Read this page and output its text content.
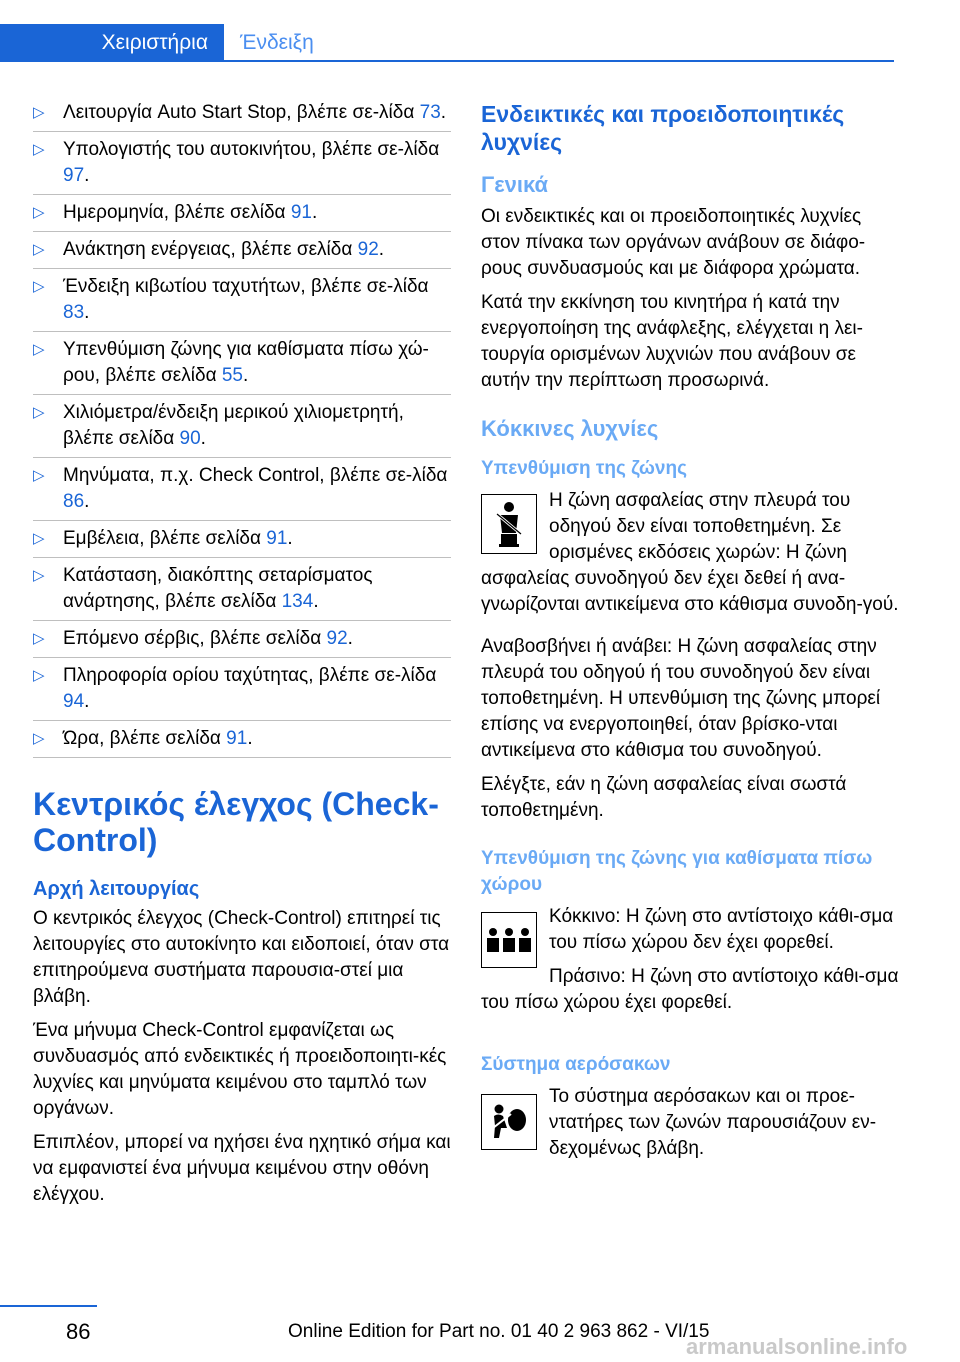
Χειριστήρια	Ένδειξη
▷ Λειτουργία Auto Start Stop, βλέπε σε‐λίδα 73.
▷ Υπολογιστής του αυτοκινήτου, βλέπε σε‐λίδα 97.
▷ Ημερομηνία, βλέπε σελίδα 91.
▷ Ανάκτηση ενέργειας, βλέπε σελίδα 92.
▷ Ένδειξη κιβωτίου ταχυτήτων, βλέπε σε‐λίδα 83.
▷ Υπενθύμιση ζώνης για καθίσματα πίσω χώ‐ρου, βλέπε σελίδα 55.
▷ Χιλιόμετρα/ένδειξη μερικού χιλιομετρητή, βλέπε σελίδα 90.
▷ Μηνύματα, π.χ. Check Control, βλέπε σε‐λίδα 86.
▷ Εμβέλεια, βλέπε σελίδα 91.
▷ Κατάσταση, διακόπτης σεταρίσματος ανάρτησης, βλέπε σελίδα 134.
▷ Επόμενο σέρβις, βλέπε σελίδα 92.
▷ Πληροφορία ορίου ταχύτητας, βλέπε σε‐λίδα 94.
▷ Ώρα, βλέπε σελίδα 91.
Κεντρικός έλεγχος (Check-Control)
Αρχή λειτουργίας

Ο κεντρικός έλεγχος (Check-Control) επιτηρεί τις λειτουργίες στο αυτοκίνητο και ειδοποιεί, όταν στα επιτηρούμενα συστήματα παρουσια‐στεί μια βλάβη.

Ένα μήνυμα Check-Control εμφανίζεται ως συνδυασμός από ενδεικτικές ή προειδοποιητι‐κές λυχνίες και μηνύματα κειμένου στο ταμπλό των οργάνων.

Επιπλέον, μπορεί να ηχήσει ένα ηχητικό σήμα και να εμφανιστεί ένα μήνυμα κειμένου στην οθόνη ελέγχου.

Ενδεικτικές και προειδοποιητικές λυχνίες
Γενικά

Οι ενδεικτικές και οι προειδοποιητικές λυχνίες στον πίνακα των οργάνων ανάβουν σε διάφο‐ρους συνδυασμούς και με διάφορα χρώματα.

Κατά την εκκίνηση του κινητήρα ή κατά την ενεργοποίηση της ανάφλεξης, ελέγχεται η λει‐τουργία ορισμένων λυχνιών που ανάβουν σε αυτήν την περίπτωση προσωρινά.

Κόκκινες λυχνίες
Υπενθύμιση της ζώνης

Η ζώνη ασφαλείας στην πλευρά του οδηγού δεν είναι τοποθετημένη. Σε ορισμένες εκδόσεις χωρών: Η ζώνη ασφαλείας συνοδηγού δεν έχει δεθεί ή ανα‐γνωρίζονται αντικείμενα στο κάθισμα συνοδη‐γού.

Αναβοσβήνει ή ανάβει: Η ζώνη ασφαλείας στην πλευρά του οδηγού ή του συνοδηγού δεν είναι τοποθετημένη. Η υπενθύμιση της ζώνης μπορεί επίσης να ενεργοποιηθεί, όταν βρίσκο‐νται αντικείμενα στο κάθισμα του συνοδηγού.

Ελέγξτε, εάν η ζώνη ασφαλείας είναι σωστά τοποθετημένη.

Υπενθύμιση της ζώνης για καθίσματα πίσω χώρου

Κόκκινο: Η ζώνη στο αντίστοιχο κάθι‐σμα του πίσω χώρου δεν έχει φορεθεί.

Πράσινο: Η ζώνη στο αντίστοιχο κάθι‐σμα του πίσω χώρου έχει φορεθεί.

Σύστημα αερόσακων

Το σύστημα αερόσακων και οι προε‐ντατήρες των ζωνών παρουσιάζουν εν‐δεχομένως βλάβη.

86	Online Edition for Part no. 01 40 2 963 862 - VI/15
armanualsonline.info
